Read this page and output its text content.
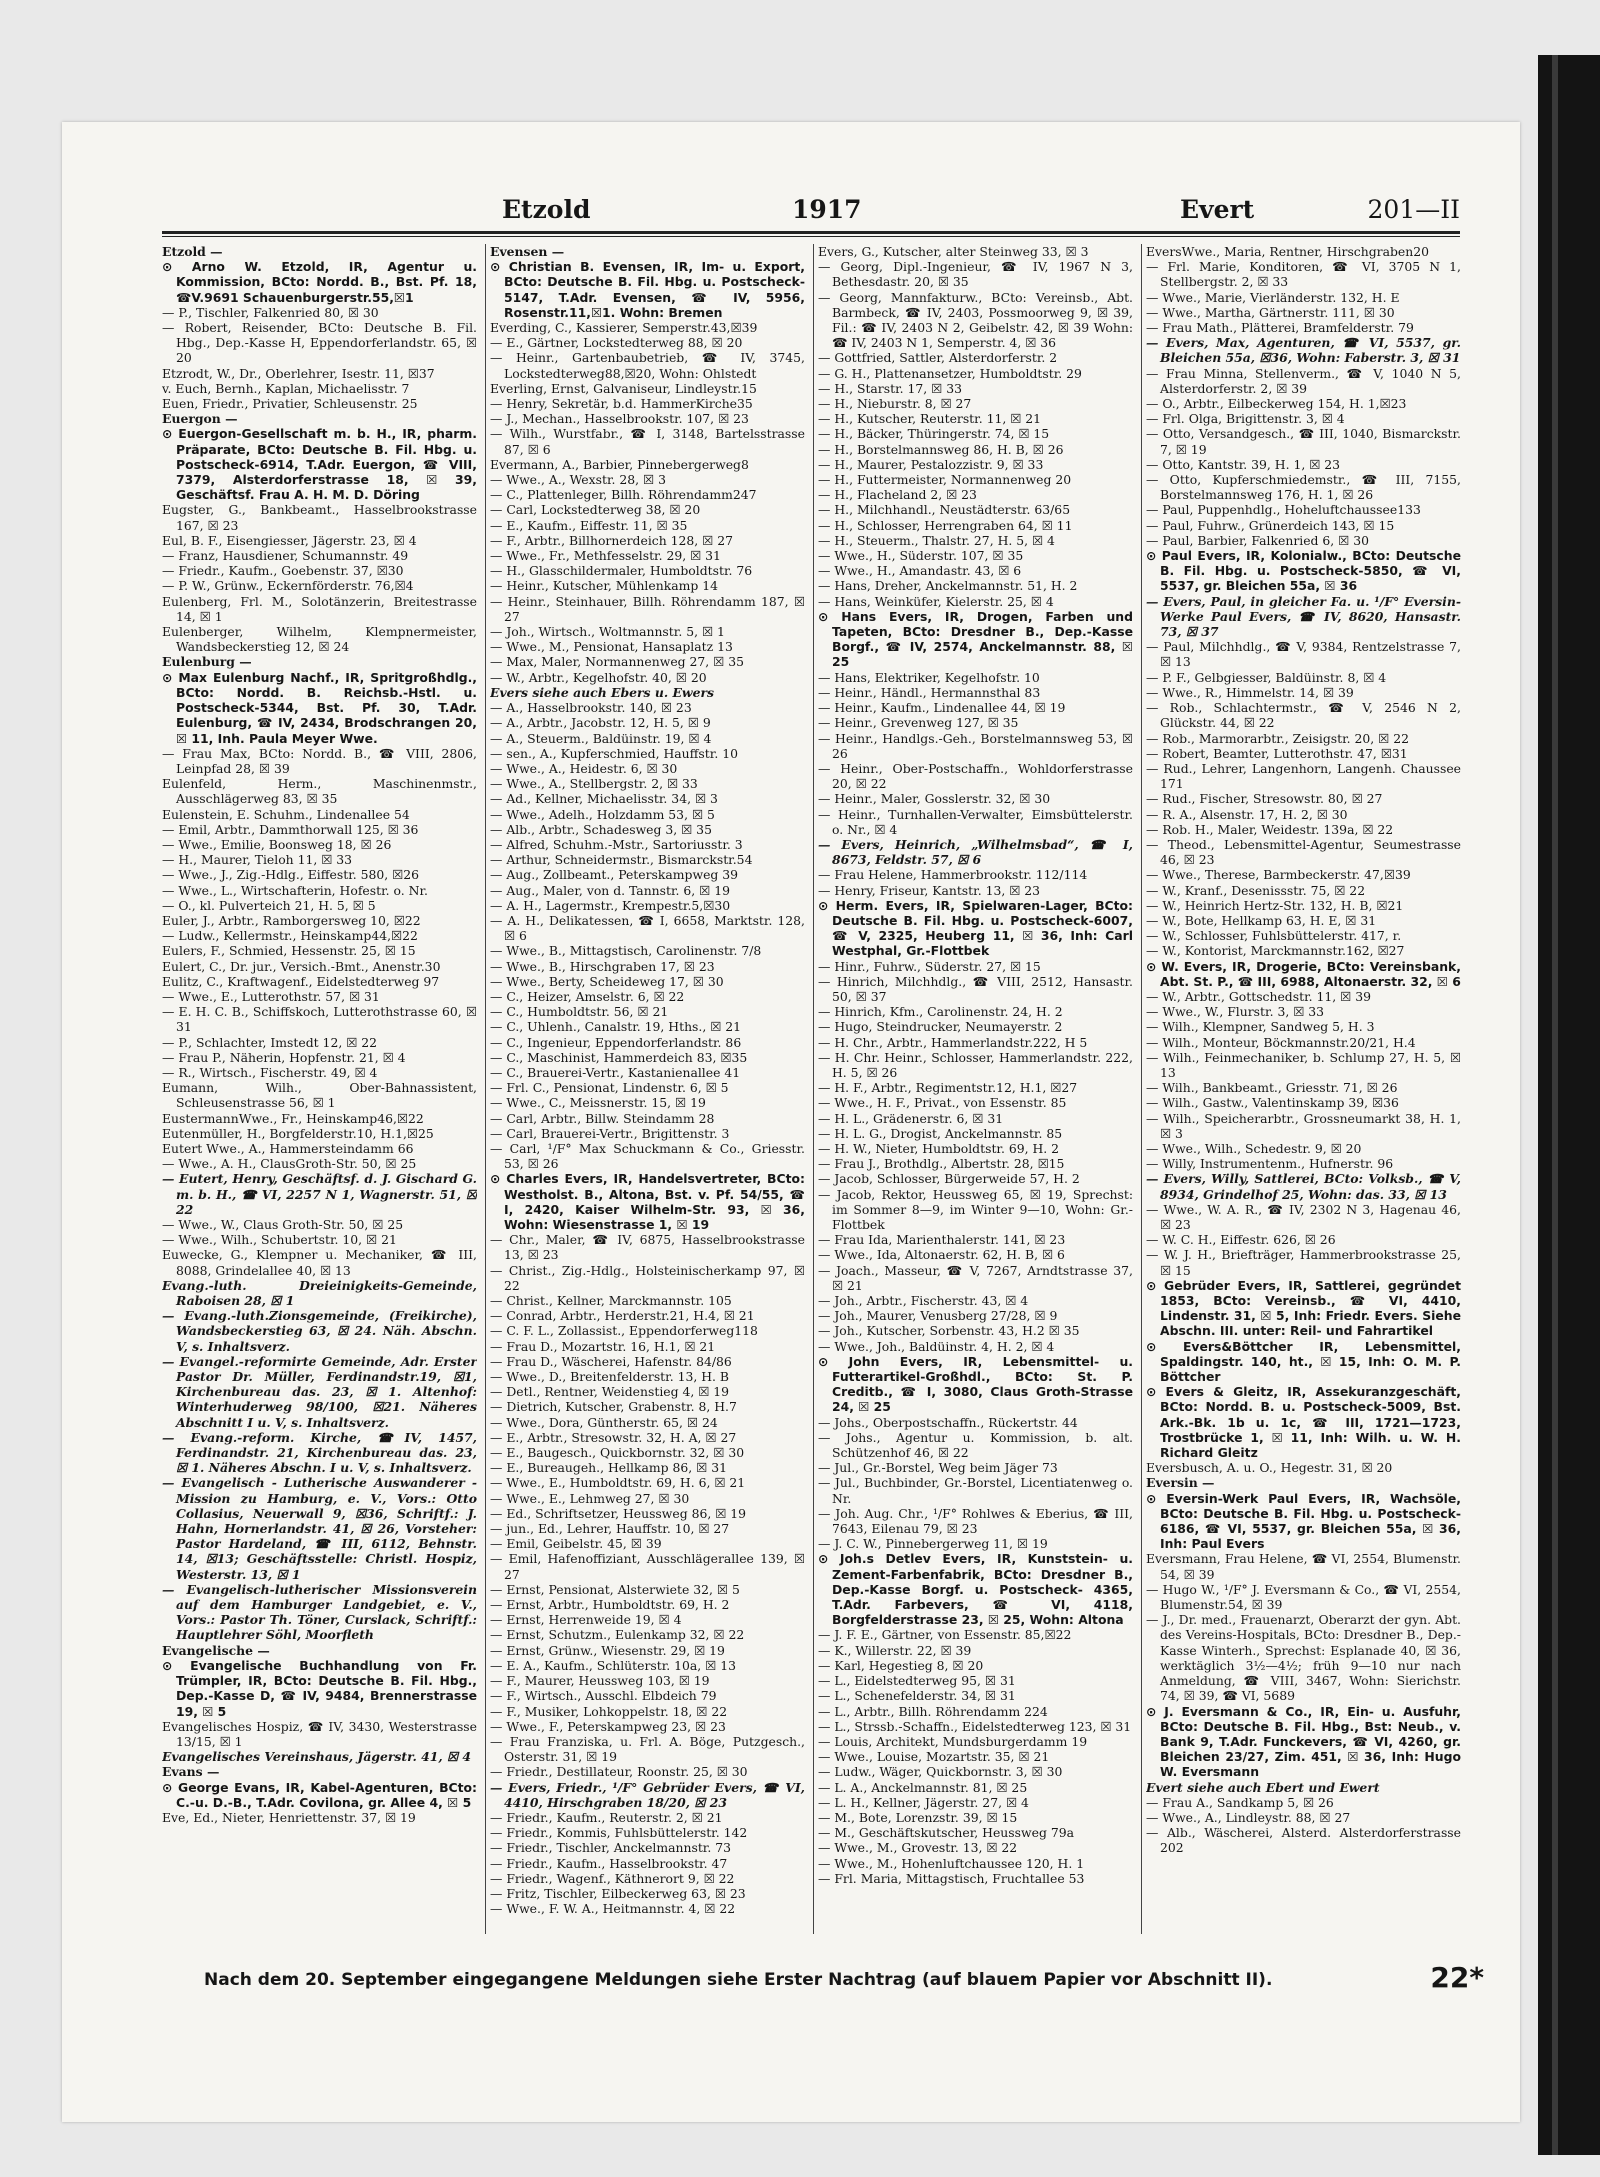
Etzold	1917	Evert	201—II

Etzold —

⊙ Arno W. Etzold, IR, Agentur u. Kommission, BCto: Nordd. B., Bst. Pf. 18, ☎V.9691 Schauenburgerstr.55,☒1

— P., Tischler, Falkenried 80, ☒ 30

— Robert, Reisender, BCto: Deutsche B. Fil. Hbg., Dep.-Kasse H, Eppendorferlandstr. 65, ☒ 20

Etzrodt, W., Dr., Oberlehrer, Isestr. 11, ☒37

v. Euch, Bernh., Kaplan, Michaelisstr. 7

Euen, Friedr., Privatier, Schleusenstr. 25

Euergon —

⊙ Euergon-Gesellschaft m. b. H., IR, pharm. Präparate, BCto: Deutsche B. Fil. Hbg. u. Postscheck-6914, T.Adr. Euergon, ☎ VIII, 7379, Alsterdorferstrasse 18, ☒ 39, Geschäftsf. Frau A. H. M. D. Döring

Eugster, G., Bankbeamt., Hasselbrookstrasse 167, ☒ 23

Eul, B. F., Eisengiesser, Jägerstr. 23, ☒ 4

— Franz, Hausdiener, Schumannstr. 49

— Friedr., Kaufm., Goebenstr. 37, ☒30

— P. W., Grünw., Eckernförderstr. 76,☒4

Eulenberg, Frl. M., Solotänzerin, Breitestrasse 14, ☒ 1

Eulenberger, Wilhelm, Klempnermeister, Wandsbeckerstieg 12, ☒ 24

Eulenburg —

⊙ Max Eulenburg Nachf., IR, Spritgroßhdlg., BCto: Nordd. B. Reichsb.-Hstl. u. Postscheck-5344, Bst. Pf. 30, T.Adr. Eulenburg, ☎ IV, 2434, Brodschrangen 20, ☒ 11, Inh. Paula Meyer Wwe.

— Frau Max, BCto: Nordd. B., ☎ VIII, 2806, Leinpfad 28, ☒ 39

Eulenfeld, Herm., Maschinenmstr., Ausschlägerweg 83, ☒ 35

Eulenstein, E. Schuhm., Lindenallee 54

— Emil, Arbtr., Dammthorwall 125, ☒ 36

— Wwe., Emilie, Boonsweg 18, ☒ 26

— H., Maurer, Tieloh 11, ☒ 33

— Wwe., J., Zig.-Hdlg., Eiffestr. 580, ☒26

— Wwe., L., Wirtschafterin, Hofestr. o. Nr.

— O., kl. Pulverteich 21, H. 5, ☒ 5

Euler, J., Arbtr., Ramborgersweg 10, ☒22

— Ludw., Kellermstr., Heinskamp44,☒22

Eulers, F., Schmied, Hessenstr. 25, ☒ 15

Eulert, C., Dr. jur., Versich.-Bmt., Anenstr.30

Eulitz, C., Kraftwagenf., Eidelstedterweg 97

— Wwe., E., Lutterothstr. 57, ☒ 31

— E. H. C. B., Schiffskoch, Lutterothstrasse 60, ☒ 31

— P., Schlachter, Imstedt 12, ☒ 22

— Frau P., Näherin, Hopfenstr. 21, ☒ 4

— R., Wirtsch., Fischerstr. 49, ☒ 4

Eumann, Wilh., Ober-Bahnassistent, Schleusenstrasse 56, ☒ 1

EustermannWwe., Fr., Heinskamp46,☒22

Eutenmüller, H., Borgfelderstr.10, H.1,☒25

Eutert Wwe., A., Hammersteindamm 66

— Wwe., A. H., ClausGroth-Str. 50, ☒ 25

— Eutert, Henry, Geschäftsf. d. J. Gischard G. m. b. H., ☎ VI, 2257 N 1, Wagnerstr. 51, ☒ 22

— Wwe., W., Claus Groth-Str. 50, ☒ 25

— Wwe., Wilh., Schubertstr. 10, ☒ 21

Euwecke, G., Klempner u. Mechaniker, ☎ III, 8088, Grindelallee 40, ☒ 13

Evang.-luth. Dreieinigkeits-Gemeinde, Raboisen 28, ☒ 1

— Evang.-luth.Zionsgemeinde, (Freikirche), Wandsbeckerstieg 63, ☒ 24. Näh. Abschn. V, s. Inhaltsverz.

— Evangel.-reformirte Gemeinde, Adr. Erster Pastor Dr. Müller, Ferdinandstr.19, ☒1, Kirchenbureau das. 23, ☒ 1. Altenhof: Winterhuderweg 98/100, ☒21. Näheres Abschnitt I u. V, s. Inhaltsverz.

— Evang.-reform. Kirche, ☎IV, 1457, Ferdinandstr. 21, Kirchenbureau das. 23, ☒ 1. Näheres Abschn. I u. V, s. Inhaltsverz.

— Evangelisch - Lutherische Auswanderer - Mission zu Hamburg, e. V., Vors.: Otto Collasius, Neuerwall 9, ☒36, Schriftf.: J. Hahn, Hornerlandstr. 41, ☒ 26, Vorsteher: Pastor Hardeland, ☎ III, 6112, Behnstr. 14, ☒13; Geschäftsstelle: Christl. Hospiz, Westerstr. 13, ☒ 1

— Evangelisch-lutherischer Missionsverein auf dem Hamburger Landgebiet, e. V., Vors.: Pastor Th. Töner, Curslack, Schriftf.: Hauptlehrer Söhl, Moorfleth

Evangelische —

⊙ Evangelische Buchhandlung von Fr. Trümpler, IR, BCto: Deutsche B. Fil. Hbg., Dep.-Kasse D, ☎ IV, 9484, Brennerstrasse 19, ☒ 5

Evangelisches Hospiz, ☎ IV, 3430, Westerstrasse 13/15, ☒ 1

Evangelisches Vereinshaus, Jägerstr. 41, ☒ 4

Evans —

⊙ George Evans, IR, Kabel-Agenturen, BCto: C.-u. D.-B., T.Adr. Covilona, gr. Allee 4, ☒ 5

Eve, Ed., Nieter, Henriettenstr. 37, ☒ 19

Evensen —

⊙ Christian B. Evensen, IR, Im- u. Export, BCto: Deutsche B. Fil. Hbg. u. Postscheck- 5147, T.Adr. Evensen, ☎ IV, 5956, Rosenstr.11,☒1. Wohn: Bremen

Everding, C., Kassierer, Semperstr.43,☒39

— E., Gärtner, Lockstedterweg 88, ☒ 20

— Heinr., Gartenbaubetrieb, ☎ IV, 3745, Lockstedterweg88,☒20, Wohn: Ohlstedt

Everling, Ernst, Galvaniseur, Lindleystr.15

— Henry, Sekretär, b.d. HammerKirche35

— J., Mechan., Hasselbrookstr. 107, ☒ 23

— Wilh., Wurstfabr., ☎ I, 3148, Bartelsstrasse 87, ☒ 6

Evermann, A., Barbier, Pinnebergerweg8

— Wwe., A., Wexstr. 28, ☒ 3

— C., Plattenleger, Billh. Röhrendamm247

— Carl, Lockstedterweg 38, ☒ 20

— E., Kaufm., Eiffestr. 11, ☒ 35

— F., Arbtr., Billhornerdeich 128, ☒ 27

— Wwe., Fr., Methfesselstr. 29, ☒ 31

— H., Glasschildermaler, Humboldtstr. 76

— Heinr., Kutscher, Mühlenkamp 14

— Heinr., Steinhauer, Billh. Röhrendamm 187, ☒ 27

— Joh., Wirtsch., Woltmannstr. 5, ☒ 1

— Wwe., M., Pensionat, Hansaplatz 13

— Max, Maler, Normannenweg 27, ☒ 35

— W., Arbtr., Kegelhofstr. 40, ☒ 20

Evers siehe auch Ebers u. Ewers

— A., Hasselbrookstr. 140, ☒ 23

— A., Arbtr., Jacobstr. 12, H. 5, ☒ 9

— A., Steuerm., Baldüinstr. 19, ☒ 4

— sen., A., Kupferschmied, Hauffstr. 10

— Wwe., A., Heidestr. 6, ☒ 30

— Wwe., A., Stellbergstr. 2, ☒ 33

— Ad., Kellner, Michaelisstr. 34, ☒ 3

— Wwe., Adelh., Holzdamm 53, ☒ 5

— Alb., Arbtr., Schadesweg 3, ☒ 35

— Alfred, Schuhm.-Mstr., Sartoriusstr. 3

— Arthur, Schneidermstr., Bismarckstr.54

— Aug., Zollbeamt., Peterskampweg 39

— Aug., Maler, von d. Tannstr. 6, ☒ 19

— A. H., Lagermstr., Krempestr.5,☒30

— A. H., Delikatessen, ☎ I, 6658, Marktstr. 128, ☒ 6

— Wwe., B., Mittagstisch, Carolinenstr. 7/8

— Wwe., B., Hirschgraben 17, ☒ 23

— Wwe., Berty, Scheideweg 17, ☒ 30

— C., Heizer, Amselstr. 6, ☒ 22

— C., Humboldtstr. 56, ☒ 21

— C., Uhlenh., Canalstr. 19, Hths., ☒ 21

— C., Ingenieur, Eppendorferlandstr. 86

— C., Maschinist, Hammerdeich 83, ☒35

— C., Brauerei-Vertr., Kastanienallee 41

— Frl. C., Pensionat, Lindenstr. 6, ☒ 5

— Wwe., C., Meissnerstr. 15, ☒ 19

— Carl, Arbtr., Billw. Steindamm 28

— Carl, Brauerei-Vertr., Brigittenstr. 3

— Carl, ¹/F° Max Schuckmann & Co., Griesstr. 53, ☒ 26

⊙ Charles Evers, IR, Handelsvertreter, BCto: Westholst. B., Altona, Bst. v. Pf. 54/55, ☎ I, 2420, Kaiser Wilhelm-Str. 93, ☒ 36, Wohn: Wiesenstrasse 1, ☒ 19

— Chr., Maler, ☎ IV, 6875, Hasselbrookstrasse 13, ☒ 23

— Christ., Zig.-Hdlg., Holsteinischerkamp 97, ☒ 22

— Christ., Kellner, Marckmannstr. 105

— Conrad, Arbtr., Herderstr.21, H.4, ☒ 21

— C. F. L., Zollassist., Eppendorferweg118

— Frau D., Mozartstr. 16, H.1, ☒ 21

— Frau D., Wäscherei, Hafenstr. 84/86

— Wwe., D., Breitenfelderstr. 13, H. B

— Detl., Rentner, Weidenstieg 4, ☒ 19

— Dietrich, Kutscher, Grabenstr. 8, H.7

— Wwe., Dora, Güntherstr. 65, ☒ 24

— E., Arbtr., Stresowstr. 32, H. A, ☒ 27

— E., Baugesch., Quickbornstr. 32, ☒ 30

— E., Bureaugeh., Hellkamp 86, ☒ 31

— Wwe., E., Humboldtstr. 69, H. 6, ☒ 21

— Wwe., E., Lehmweg 27, ☒ 30

— Ed., Schriftsetzer, Heussweg 86, ☒ 19

— jun., Ed., Lehrer, Hauffstr. 10, ☒ 27

— Emil, Geibelstr. 45, ☒ 39

— Emil, Hafenoffiziant, Ausschlägerallee 139, ☒ 27

— Ernst, Pensionat, Alsterwiete 32, ☒ 5

— Ernst, Arbtr., Humboldtstr. 69, H. 2

— Ernst, Herrenweide 19, ☒ 4

— Ernst, Schutzm., Eulenkamp 32, ☒ 22

— Ernst, Grünw., Wiesenstr. 29, ☒ 19

— E. A., Kaufm., Schlüterstr. 10a, ☒ 13

— F., Maurer, Heussweg 103, ☒ 19

— F., Wirtsch., Ausschl. Elbdeich 79

— F., Musiker, Lohkoppelstr. 18, ☒ 22

— Wwe., F., Peterskampweg 23, ☒ 23

— Frau Franziska, u. Frl. A. Böge, Putzgesch., Osterstr. 31, ☒ 19

— Friedr., Destillateur, Roonstr. 25, ☒ 30

— Evers, Friedr., ¹/F° Gebrüder Evers, ☎ VI, 4410, Hirschgraben 18/20, ☒ 23

— Friedr., Kaufm., Reuterstr. 2, ☒ 21

— Friedr., Kommis, Fuhlsbüttelerstr. 142

— Friedr., Tischler, Anckelmannstr. 73

— Friedr., Kaufm., Hasselbrookstr. 47

— Friedr., Wagenf., Käthnerort 9, ☒ 22

— Fritz, Tischler, Eilbeckerweg 63, ☒ 23

— Wwe., F. W. A., Heitmannstr. 4, ☒ 22

Evers, G., Kutscher, alter Steinweg 33, ☒ 3

— Georg, Dipl.-Ingenieur, ☎ IV, 1967 N 3, Bethesdastr. 20, ☒ 35

— Georg, Mannfakturw., BCto: Vereinsb., Abt. Barmbeck, ☎ IV, 2403, Possmoorweg 9, ☒ 39, Fil.: ☎ IV, 2403 N 2, Geibelstr. 42, ☒ 39 Wohn: ☎ IV, 2403 N 1, Semperstr. 4, ☒ 36

— Gottfried, Sattler, Alsterdorferstr. 2

— G. H., Plattenansetzer, Humboldtstr. 29

— H., Starstr. 17, ☒ 33

— H., Nieburstr. 8, ☒ 27

— H., Kutscher, Reuterstr. 11, ☒ 21

— H., Bäcker, Thüringerstr. 74, ☒ 15

— H., Borstelmannsweg 86, H. B, ☒ 26

— H., Maurer, Pestalozzistr. 9, ☒ 33

— H., Futtermeister, Normannenweg 20

— H., Flacheland 2, ☒ 23

— H., Milchhandl., Neustädterstr. 63/65

— H., Schlosser, Herrengraben 64, ☒ 11

— H., Steuerm., Thalstr. 27, H. 5, ☒ 4

— Wwe., H., Süderstr. 107, ☒ 35

— Wwe., H., Amandastr. 43, ☒ 6

— Hans, Dreher, Anckelmannstr. 51, H. 2

— Hans, Weinküfer, Kielerstr. 25, ☒ 4

⊙ Hans Evers, IR, Drogen, Farben und Tapeten, BCto: Dresdner B., Dep.-Kasse Borgf., ☎ IV, 2574, Anckelmannstr. 88, ☒ 25

— Hans, Elektriker, Kegelhofstr. 10

— Heinr., Händl., Hermannsthal 83

— Heinr., Kaufm., Lindenallee 44, ☒ 19

— Heinr., Grevenweg 127, ☒ 35

— Heinr., Handlgs.-Geh., Borstelmannsweg 53, ☒ 26

— Heinr., Ober-Postschaffn., Wohldorferstrasse 20, ☒ 22

— Heinr., Maler, Gosslerstr. 32, ☒ 30

— Heinr., Turnhallen-Verwalter, Eimsbüttelerstr. o. Nr., ☒ 4

— Evers, Heinrich, „Wilhelmsbad“, ☎ I, 8673, Feldstr. 57, ☒ 6

— Frau Helene, Hammerbrookstr. 112/114

— Henry, Friseur, Kantstr. 13, ☒ 23

⊙ Herm. Evers, IR, Spielwaren-Lager, BCto: Deutsche B. Fil. Hbg. u. Postscheck-6007, ☎ V, 2325, Heuberg 11, ☒ 36, Inh: Carl Westphal, Gr.-Flottbek

— Hinr., Fuhrw., Süderstr. 27, ☒ 15

— Hinrich, Milchhdlg., ☎ VIII, 2512, Hansastr. 50, ☒ 37

— Hinrich, Kfm., Carolinenstr. 24, H. 2

— Hugo, Steindrucker, Neumayerstr. 2

— H. Chr., Arbtr., Hammerlandstr.222, H 5

— H. Chr. Heinr., Schlosser, Hammerlandstr. 222, H. 5, ☒ 26

— H. F., Arbtr., Regimentstr.12, H.1, ☒27

— Wwe., H. F., Privat., von Essenstr. 85

— H. L., Grädenerstr. 6, ☒ 31

— H. L. G., Drogist, Anckelmannstr. 85

— H. W., Nieter, Humboldtstr. 69, H. 2

— Frau J., Brothdlg., Albertstr. 28, ☒15

— Jacob, Schlosser, Bürgerweide 57, H. 2

— Jacob, Rektor, Heussweg 65, ☒ 19, Sprechst: im Sommer 8—9, im Winter 9—10, Wohn: Gr.-Flottbek

— Frau Ida, Marienthalerstr. 141, ☒ 23

— Wwe., Ida, Altonaerstr. 62, H. B, ☒ 6

— Joach., Masseur, ☎ V, 7267, Arndtstrasse 37, ☒ 21

— Joh., Arbtr., Fischerstr. 43, ☒ 4

— Joh., Maurer, Venusberg 27/28, ☒ 9

— Joh., Kutscher, Sorbenstr. 43, H.2 ☒ 35

— Wwe., Joh., Baldüinstr. 4, H. 2, ☒ 4

⊙ John Evers, IR, Lebensmittel- u. Futterartikel-Großhdl., BCto: St. P. Creditb., ☎ I, 3080, Claus Groth-Strasse 24, ☒ 25

— Johs., Oberpostschaffn., Rückertstr. 44

— Johs., Agentur u. Kommission, b. alt. Schützenhof 46, ☒ 22

— Jul., Gr.-Borstel, Weg beim Jäger 73

— Jul., Buchbinder, Gr.-Borstel, Licentiatenweg o. Nr.

— Joh. Aug. Chr., ¹/F° Rohlwes & Eberius, ☎ III, 7643, Eilenau 79, ☒ 23

— J. C. W., Pinnebergerweg 11, ☒ 19

⊙ Joh.s Detlev Evers, IR, Kunststein- u. Zement-Farbenfabrik, BCto: Dresdner B., Dep.-Kasse Borgf. u. Postscheck- 4365, T.Adr. Farbevers, ☎ VI, 4118, Borgfelderstrasse 23, ☒ 25, Wohn: Altona

— J. F. E., Gärtner, von Essenstr. 85,☒22

— K., Willerstr. 22, ☒ 39

— Karl, Hegestieg 8, ☒ 20

— L., Eidelstedterweg 95, ☒ 31

— L., Schenefelderstr. 34, ☒ 31

— L., Arbtr., Billh. Röhrendamm 224

— L., Strssb.-Schaffn., Eidelstedterweg 123, ☒ 31

— Louis, Architekt, Mundsburgerdamm 19

— Wwe., Louise, Mozartstr. 35, ☒ 21

— Ludw., Wäger, Quickbornstr. 3, ☒ 30

— L. A., Anckelmannstr. 81, ☒ 25

— L. H., Kellner, Jägerstr. 27, ☒ 4

— M., Bote, Lorenzstr. 39, ☒ 15

— M., Geschäftskutscher, Heussweg 79a

— Wwe., M., Grovestr. 13, ☒ 22

— Wwe., M., Hohenluftchaussee 120, H. 1

— Frl. Maria, Mittagstisch, Fruchtallee 53

EversWwe., Maria, Rentner, Hirschgraben20

— Frl. Marie, Konditoren, ☎ VI, 3705 N 1, Stellbergstr. 2, ☒ 33

— Wwe., Marie, Vierländerstr. 132, H. E

— Wwe., Martha, Gärtnerstr. 111, ☒ 30

— Frau Math., Plätterei, Bramfelderstr. 79

— Evers, Max, Agenturen, ☎ VI, 5537, gr. Bleichen 55a, ☒36, Wohn: Faberstr. 3, ☒ 31

— Frau Minna, Stellenverm., ☎ V, 1040 N 5, Alsterdorferstr. 2, ☒ 39

— O., Arbtr., Eilbeckerweg 154, H. 1,☒23

— Frl. Olga, Brigittenstr. 3, ☒ 4

— Otto, Versandgesch., ☎ III, 1040, Bismarckstr. 7, ☒ 19

— Otto, Kantstr. 39, H. 1, ☒ 23

— Otto, Kupferschmiedemstr., ☎ III, 7155, Borstelmannsweg 176, H. 1, ☒ 26

— Paul, Puppenhdlg., Hoheluftchaussee133

— Paul, Fuhrw., Grünerdeich 143, ☒ 15

— Paul, Barbier, Falkenried 6, ☒ 30

⊙ Paul Evers, IR, Kolonialw., BCto: Deutsche B. Fil. Hbg. u. Postscheck-5850, ☎ VI, 5537, gr. Bleichen 55a, ☒ 36

— Evers, Paul, in gleicher Fa. u. ¹/F° Eversin-Werke Paul Evers, ☎ IV, 8620, Hansastr. 73, ☒ 37

— Paul, Milchhdlg., ☎ V, 9384, Rentzelstrasse 7, ☒ 13

— P. F., Gelbgiesser, Baldüinstr. 8, ☒ 4

— Wwe., R., Himmelstr. 14, ☒ 39

— Rob., Schlachtermstr., ☎ V, 2546 N 2, Glückstr. 44, ☒ 22

— Rob., Marmorarbtr., Zeisigstr. 20, ☒ 22

— Robert, Beamter, Lutterothstr. 47, ☒31

— Rud., Lehrer, Langenhorn, Langenh. Chaussee 171

— Rud., Fischer, Stresowstr. 80, ☒ 27

— R. A., Alsenstr. 17, H. 2, ☒ 30

— Rob. H., Maler, Weidestr. 139a, ☒ 22

— Theod., Lebensmittel-Agentur, Seumestrasse 46, ☒ 23

— Wwe., Therese, Barmbeckerstr. 47,☒39

— W., Kranf., Desenissstr. 75, ☒ 22

— W., Heinrich Hertz-Str. 132, H. B, ☒21

— W., Bote, Hellkamp 63, H. E, ☒ 31

— W., Schlosser, Fuhlsbüttelerstr. 417, r.

— W., Kontorist, Marckmannstr.162, ☒27

⊙ W. Evers, IR, Drogerie, BCto: Vereinsbank, Abt. St. P., ☎ III, 6988, Altonaerstr. 32, ☒ 6

— W., Arbtr., Gottschedstr. 11, ☒ 39

— Wwe., W., Flurstr. 3, ☒ 33

— Wilh., Klempner, Sandweg 5, H. 3

— Wilh., Monteur, Böckmannstr.20/21, H.4

— Wilh., Feinmechaniker, b. Schlump 27, H. 5, ☒ 13

— Wilh., Bankbeamt., Griesstr. 71, ☒ 26

— Wilh., Gastw., Valentinskamp 39, ☒36

— Wilh., Speicherarbtr., Grossneumarkt 38, H. 1, ☒ 3

— Wwe., Wilh., Schedestr. 9, ☒ 20

— Willy, Instrumentenm., Hufnerstr. 96

— Evers, Willy, Sattlerei, BCto: Volksb., ☎ V, 8934, Grindelhof 25, Wohn: das. 33, ☒ 13

— Wwe., W. A. R., ☎ IV, 2302 N 3, Hagenau 46, ☒ 23

— W. C. H., Eiffestr. 626, ☒ 26

— W. J. H., Briefträger, Hammerbrookstrasse 25, ☒ 15

⊙ Gebrüder Evers, IR, Sattlerei, gegründet 1853, BCto: Vereinsb., ☎ VI, 4410, Lindenstr. 31, ☒ 5, Inh: Friedr. Evers. Siehe Abschn. III. unter: Reil- und Fahrartikel

⊙ Evers&Böttcher IR, Lebensmittel, Spaldingstr. 140, ht., ☒ 15, Inh: O. M. P. Böttcher

⊙ Evers & Gleitz, IR, Assekuranzgeschäft, BCto: Nordd. B. u. Postscheck-5009, Bst. Ark.-Bk. 1b u. 1c, ☎ III, 1721—1723, Trostbrücke 1, ☒ 11, Inh: Wilh. u. W. H. Richard Gleitz

Eversbusch, A. u. O., Hegestr. 31, ☒ 20

Eversin —

⊙ Eversin-Werk Paul Evers, IR, Wachsöle, BCto: Deutsche B. Fil. Hbg. u. Postscheck-6186, ☎ VI, 5537, gr. Bleichen 55a, ☒ 36, Inh: Paul Evers

Eversmann, Frau Helene, ☎ VI, 2554, Blumenstr. 54, ☒ 39

— Hugo W., ¹/F° J. Eversmann & Co., ☎ VI, 2554, Blumenstr.54, ☒ 39

— J., Dr. med., Frauenarzt, Oberarzt der gyn. Abt. des Vereins-Hospitals, BCto: Dresdner B., Dep.-Kasse Winterh., Sprechst: Esplanade 40, ☒ 36, werktäglich 3½—4½; früh 9—10 nur nach Anmeldung, ☎ VIII, 3467, Wohn: Sierichstr. 74, ☒ 39, ☎ VI, 5689

⊙ J. Eversmann & Co., IR, Ein- u. Ausfuhr, BCto: Deutsche B. Fil. Hbg., Bst: Neub., v. Bank 9, T.Adr. Funckevers, ☎ VI, 4260, gr. Bleichen 23/27, Zim. 451, ☒ 36, Inh: Hugo W. Eversmann

Evert siehe auch Ebert und Ewert

— Frau A., Sandkamp 5, ☒ 26

— Wwe., A., Lindleystr. 88, ☒ 27

— Alb., Wäscherei, Alsterd. Alsterdorferstrasse 202

Nach dem 20. September eingegangene Meldungen siehe Erster Nachtrag (auf blauem Papier vor Abschnitt II).	22*
